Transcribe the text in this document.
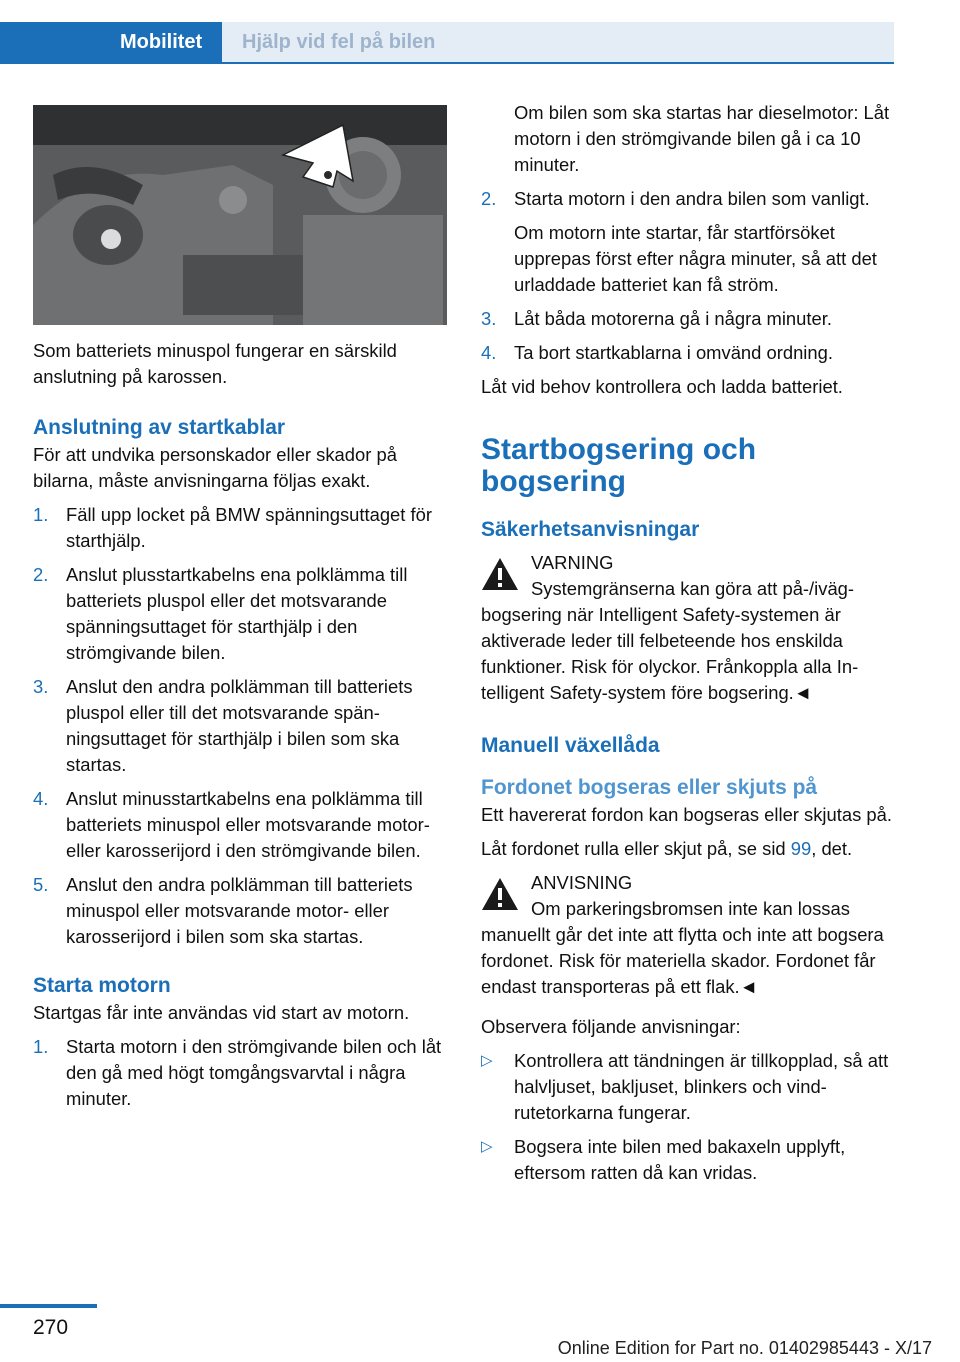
Mobilitet	Hjälp vid fel på bilen

Som batteriets minuspol fungerar en särskild anslutning på karossen.

Anslutning av startkablar

För att undvika personskador eller skador på bilarna, måste anvisningarna följas exakt.

1. Fäll upp locket på BMW spänningsuttaget för starthjälp.
2. Anslut plusstartkabelns ena polklämma till batteriets pluspol eller det motsvarande spänningsuttaget för starthjälp i den strömgivande bilen.
3. Anslut den andra polklämman till batteriets pluspol eller till det motsvarande spänningsuttaget för starthjälp i bilen som ska startas.
4. Anslut minusstartkabelns ena polklämma till batteriets minuspol eller motsvarande motor- eller karosserijord i den strömgivande bilen.
5. Anslut den andra polklämman till batteriets minuspol eller motsvarande motor- eller karosserijord i bilen som ska startas.
Starta motorn

Startgas får inte användas vid start av motorn.

1. Starta motorn i den strömgivande bilen och låt den gå med högt tomgångsvarvtal i några minuter.

Om bilen som ska startas har dieselmotor: Låt motorn i den strömgivande bilen gå i ca 10 minuter.

2. Starta motorn i den andra bilen som vanligt.

Om motorn inte startar, får startförsöket upprepas först efter några minuter, så att det urladdade batteriet kan få ström.

3. Låt båda motorerna gå i några minuter.
4. Ta bort startkablarna i omvänd ordning.

Låt vid behov kontrollera och ladda batteriet.

Startbogsering och bogsering
Säkerhetsanvisningar
VARNING
Systemgränserna kan göra att på-/ivägbogsering när Intelligent Safety-systemen är aktiverade leder till felbeteende hos enskilda funktioner. Risk för olyckor. Frånkoppla alla Intelligent Safety-system före bogsering.◄
Manuell växellåda
Fordonet bogseras eller skjuts på

Ett havererat fordon kan bogseras eller skjutas på.

Låt fordonet rulla eller skjut på, se sid 99, det.

ANVISNING
Om parkeringsbromsen inte kan lossas manuellt går det inte att flytta och inte att bogsera fordonet. Risk för materiella skador. Fordonet får endast transporteras på ett flak.◄

Observera följande anvisningar:

▷ Kontrollera att tändningen är tillkopplad, så att halvljuset, bakljuset, blinkers och vindrutetorkarna fungerar.
▷ Bogsera inte bilen med bakaxeln upplyft, eftersom ratten då kan vridas.
270
Online Edition for Part no. 01402985443 - X/17
